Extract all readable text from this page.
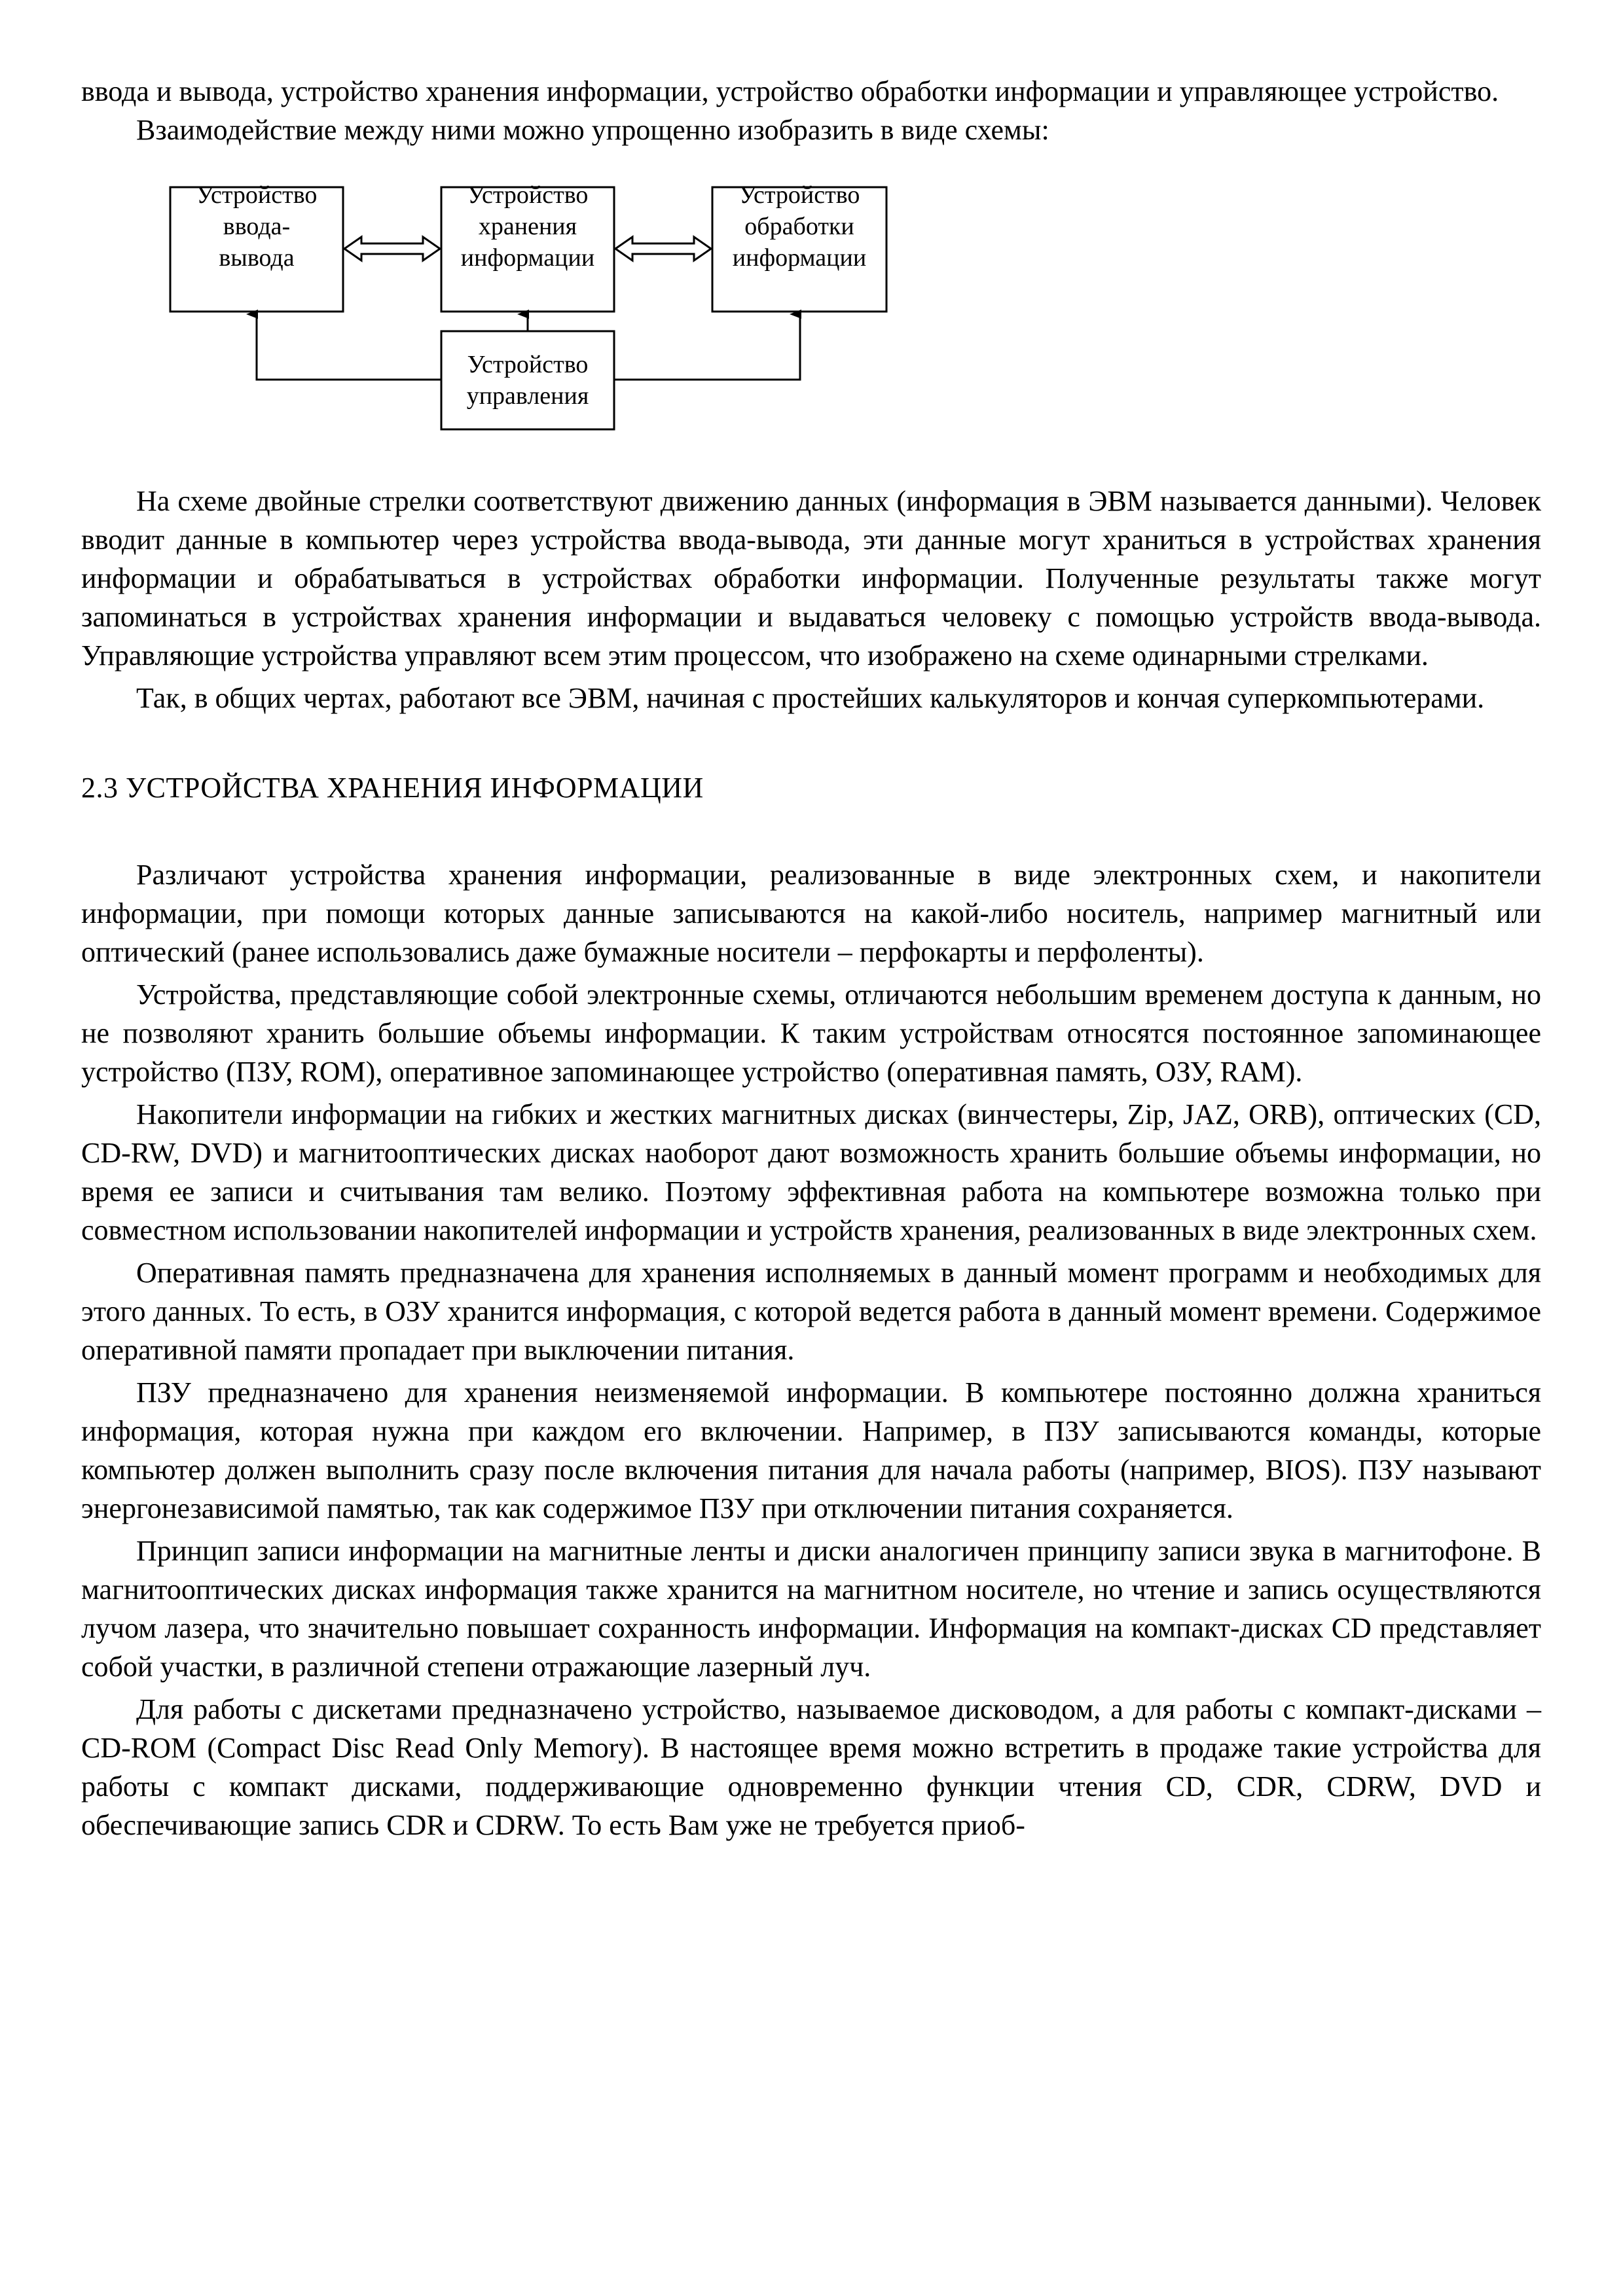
ввода и вывода, устройство хранения информации, устройство обработки информации и управляющее устройство.

Взаимодействие между ними можно упрощенно изобразить в виде схемы:

Устройство
ввода-
вывода
Устройство
хранения
информации
Устройство
обработки
информации
Устройство
управления

На схеме двойные стрелки соответствуют движению данных (информация в ЭВМ называется данными). Человек вводит данные в компьютер через устройства ввода-вывода, эти данные могут храниться в устройствах хранения информации и обрабатываться в устройствах обработки информации. Полученные результаты также могут запоминаться в устройствах хранения информации и выдаваться человеку с помощью устройств ввода-вывода. Управляющие устройства управляют всем этим процессом, что изображено на схеме одинарными стрелками.

Так, в общих чертах, работают все ЭВМ, начиная с простейших калькуляторов и кончая суперкомпьютерами.

2.3 УСТРОЙСТВА ХРАНЕНИЯ ИНФОРМАЦИИ

Различают устройства хранения информации, реализованные в виде электронных схем, и накопители информации, при помощи которых данные записываются на какой-либо носитель, например магнитный или оптический (ранее использовались даже бумажные носители – перфокарты и перфоленты).

Устройства, представляющие собой электронные схемы, отличаются небольшим временем доступа к данным, но не позволяют хранить большие объемы информации. К таким устройствам относятся постоянное запоминающее устройство (ПЗУ, ROM), оперативное запоминающее устройство (оперативная память, ОЗУ, RAM).

Накопители информации на гибких и жестких магнитных дисках (винчестеры, Zip, JAZ, ORB), оптических (CD, CD-RW, DVD) и магнитооптических дисках наоборот дают возможность хранить большие объемы информации, но время ее записи и считывания там велико. Поэтому эффективная работа на компьютере возможна только при совместном использовании накопителей информации и устройств хранения, реализованных в виде электронных схем.

Оперативная память предназначена для хранения исполняемых в данный момент программ и необходимых для этого данных. То есть, в ОЗУ хранится информация, с которой ведется работа в данный момент времени. Содержимое оперативной памяти пропадает при выключении питания.

ПЗУ предназначено для хранения неизменяемой информации. В компьютере постоянно должна храниться информация, которая нужна при каждом его включении. Например, в ПЗУ записываются команды, которые компьютер должен выполнить сразу после включения питания для начала работы (например, BIOS). ПЗУ называют энергонезависимой памятью, так как содержимое ПЗУ при отключении питания сохраняется.

Принцип записи информации на магнитные ленты и диски аналогичен принципу записи звука в магнитофоне. В магнитооптических дисках информация также хранится на магнитном носителе, но чтение и запись осуществляются лучом лазера, что значительно повышает сохранность информации. Информация на компакт-дисках CD представляет собой участки, в различной степени отражающие лазерный луч.

Для работы с дискетами предназначено устройство, называемое дисководом, а для работы с компакт-дисками – CD-ROM (Compact Disc Read Only Memory). В настоящее время можно встретить в продаже такие устройства для работы с компакт дисками, поддерживающие одновременно функции чтения CD, CDR, CDRW, DVD и обеспечивающие запись CDR и CDRW. То есть Вам уже не требуется приоб-
